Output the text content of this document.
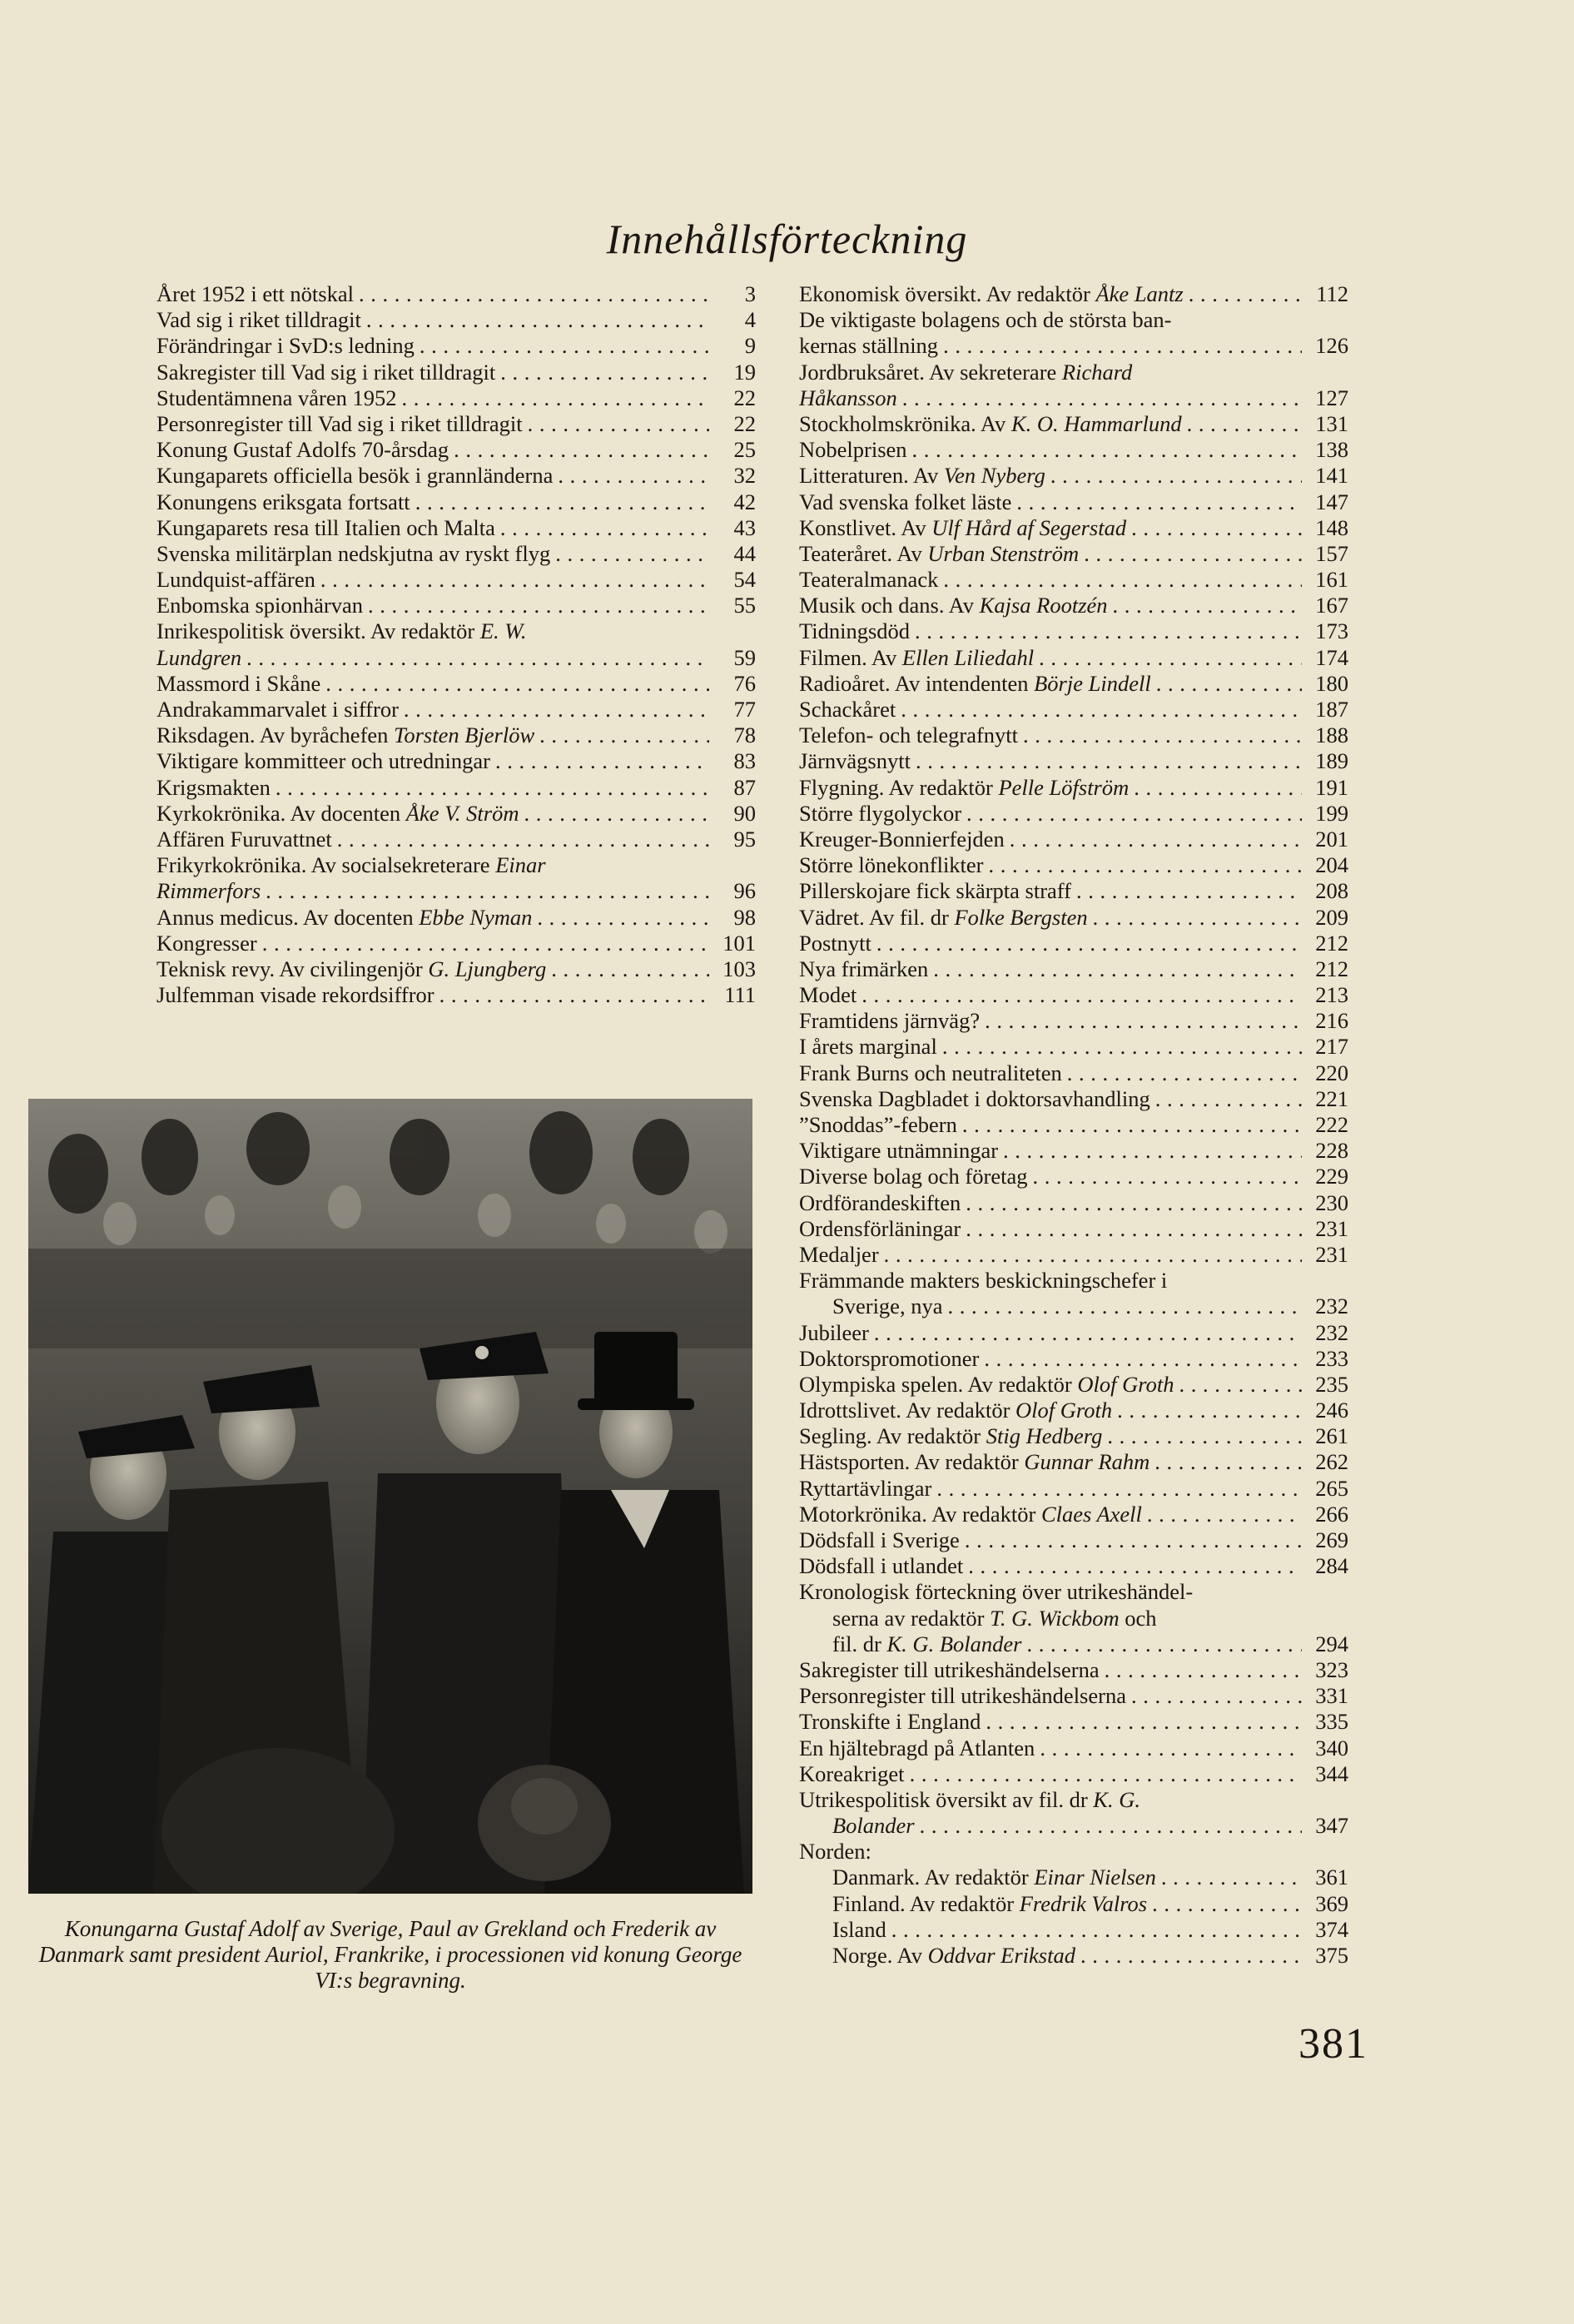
Innehållsförteckning
Året 1952 i ett nötskal . . .	3
Vad sig i riket tilldragit . . .	4
Förändringar i SvD:s ledning . . .	9
Sakregister till Vad sig i riket tilldragit . . .	19
Studentämnena våren 1952 . . .	22
Personregister till Vad sig i riket tilldragit . . .	22
Konung Gustaf Adolfs 70-årsdag . . .	25
Kungaparets officiella besök i grannländerna . . .	32
Konungens eriksgata fortsatt . . .	42
Kungaparets resa till Italien och Malta . . .	43
Svenska militärplan nedskjutna av ryskt flyg . . .	44
Lundquist-affären . . .	54
Enbomska spionhärvan . . .	55
Inrikespolitisk översikt. Av redaktör E. W.
Lundgren . . .	59
Massmord i Skåne . . .	76
Andrakammarvalet i siffror . . .	77
Riksdagen. Av byråchefen Torsten Bjerlöw . . .	78
Viktigare kommitteer och utredningar . . .	83
Krigsmakten . . .	87
Kyrkokrönika. Av docenten Åke V. Ström . . .	90
Affären Furuvattnet . . .	95
Frikyrkokrönika. Av socialsekreterare Einar
Rimmerfors . . .	96
Annus medicus. Av docenten Ebbe Nyman . . .	98
Kongresser . . .	101
Teknisk revy. Av civilingenjör G. Ljungberg . . .	103
Julfemman visade rekordsiffror . . .	111
Ekonomisk översikt. Av redaktör Åke Lantz . . .	112
De viktigaste bolagens och de största ban-
kernas ställning . . .	126
Jordbruksåret. Av sekreterare Richard
Håkansson . . .	127
Stockholmskrönika. Av K. O. Hammarlund . . .	131
Nobelprisen . . .	138
Litteraturen. Av Ven Nyberg . . .	141
Vad svenska folket läste . . .	147
Konstlivet. Av Ulf Hård af Segerstad . . .	148
Teateråret. Av Urban Stenström . . .	157
Teateralmanack . . .	161
Musik och dans. Av Kajsa Rootzén . . .	167
Tidningsdöd . . .	173
Filmen. Av Ellen Liliedahl . . .	174
Radioåret. Av intendenten Börje Lindell . . .	180
Schackåret . . .	187
Telefon- och telegrafnytt . . .	188
Järnvägsnytt . . .	189
Flygning. Av redaktör Pelle Löfström . . .	191
Större flygolyckor . . .	199
Kreuger-Bonnierfejden . . .	201
Större lönekonflikter . . .	204
Pillerskojare fick skärpta straff . . .	208
Vädret. Av fil. dr Folke Bergsten . . .	209
Postnytt . . .	212
Nya frimärken . . .	212
Modet . . .	213
Framtidens järnväg? . . .	216
I årets marginal . . .	217
Frank Burns och neutraliteten . . .	220
Svenska Dagbladet i doktorsavhandling . . .	221
”Snoddas”-febern . . .	222
Viktigare utnämningar . . .	228
Diverse bolag och företag . . .	229
Ordförandeskiften . . .	230
Ordensförläningar . . .	231
Medaljer . . .	231
Främmande makters beskickningschefer i
Sverige, nya . . .	232
Jubileer . . .	232
Doktorspromotioner . . .	233
Olympiska spelen. Av redaktör Olof Groth . . .	235
Idrottslivet. Av redaktör Olof Groth . . .	246
Segling. Av redaktör Stig Hedberg . . .	261
Hästsporten. Av redaktör Gunnar Rahm . . .	262
Ryttartävlingar . . .	265
Motorkrönika. Av redaktör Claes Axell . . .	266
Dödsfall i Sverige . . .	269
Dödsfall i utlandet . . .	284
Kronologisk förteckning över utrikeshändel-
serna av redaktör T. G. Wickbom och
fil. dr K. G. Bolander . . .	294
Sakregister till utrikeshändelserna . . .	323
Personregister till utrikeshändelserna . . .	331
Tronskifte i England . . .	335
En hjältebragd på Atlanten . . .	340
Koreakriget . . .	344
Utrikespolitisk översikt av fil. dr K. G.
Bolander . . .	347
Norden:
Danmark. Av redaktör Einar Nielsen . . .	361
Finland. Av redaktör Fredrik Valros . . .	369
Island . . .	374
Norge. Av Oddvar Erikstad . . .	375
Konungarna Gustaf Adolf av Sverige, Paul av Grekland och Frederik av Danmark samt president Auriol, Frankrike, i processionen vid konung George VI:s begravning.
381
